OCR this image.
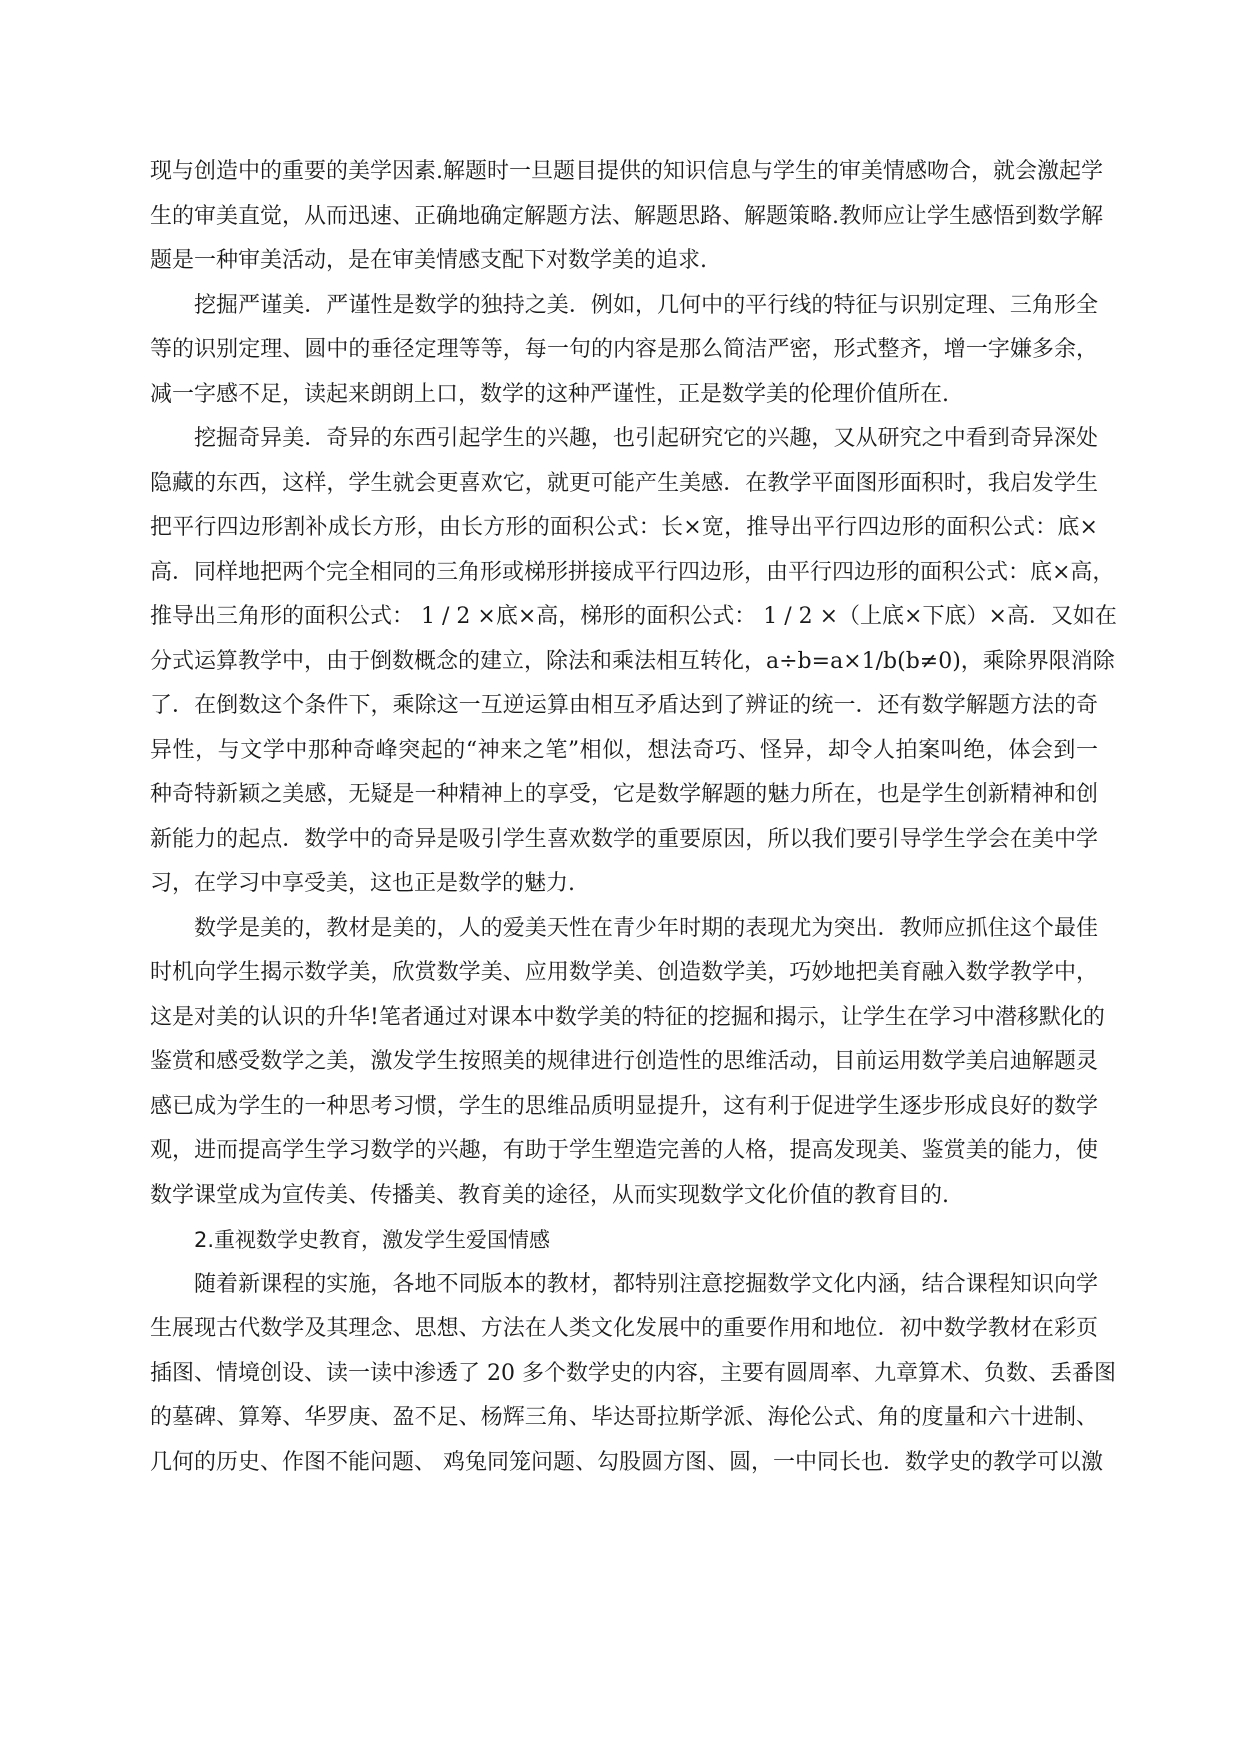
现与创造中的重要的美学因素.解题时一旦题目提供的知识信息与学生的审美情感吻合，就会激起学
生的审美直觉，从而迅速、正确地确定解题方法、解题思路、解题策略.教师应让学生感悟到数学解
题是一种审美活动，是在审美情感支配下对数学美的追求.
挖掘严谨美．严谨性是数学的独持之美．例如，几何中的平行线的特征与识别定理、三角形全
等的识别定理、圆中的垂径定理等等，每一句的内容是那么简洁严密，形式整齐，增一字嫌多余，
减一字感不足，读起来朗朗上口，数学的这种严谨性，正是数学美的伦理价值所在.
挖掘奇异美．奇异的东西引起学生的兴趣，也引起研究它的兴趣，又从研究之中看到奇异深处
隐藏的东西，这样，学生就会更喜欢它，就更可能产生美感．在教学平面图形面积时，我启发学生
把平行四边形割补成长方形，由长方形的面积公式：长×宽，推导出平行四边形的面积公式：底×
高．同样地把两个完全相同的三角形或梯形拼接成平行四边形，由平行四边形的面积公式：底×高，
推导出三角形的面积公式： 1 / 2 ×底×高，梯形的面积公式： 1 / 2 ×（上底×下底）×高．又如在
分式运算教学中，由于倒数概念的建立，除法和乘法相互转化，a÷b=a×1/b(b≠0)，乘除界限消除
了．在倒数这个条件下，乘除这一互逆运算由相互矛盾达到了辨证的统一．还有数学解题方法的奇
异性，与文学中那种奇峰突起的“神来之笔”相似，想法奇巧、怪异，却令人拍案叫绝，体会到一
种奇特新颖之美感，无疑是一种精神上的享受，它是数学解题的魅力所在，也是学生创新精神和创
新能力的起点．数学中的奇异是吸引学生喜欢数学的重要原因，所以我们要引导学生学会在美中学
习，在学习中享受美，这也正是数学的魅力.
数学是美的，教材是美的，人的爱美天性在青少年时期的表现尤为突出．教师应抓住这个最佳
时机向学生揭示数学美，欣赏数学美、应用数学美、创造数学美，巧妙地把美育融入数学教学中，
这是对美的认识的升华!笔者通过对课本中数学美的特征的挖掘和揭示，让学生在学习中潜移默化的
鉴赏和感受数学之美，激发学生按照美的规律进行创造性的思维活动，目前运用数学美启迪解题灵
感已成为学生的一种思考习惯，学生的思维品质明显提升，这有利于促进学生逐步形成良好的数学
观，进而提高学生学习数学的兴趣，有助于学生塑造完善的人格，提高发现美、鉴赏美的能力，使
数学课堂成为宣传美、传播美、教育美的途径，从而实现数学文化价值的教育目的.
2.重视数学史教育，激发学生爱国情感
随着新课程的实施，各地不同版本的教材，都特别注意挖掘数学文化内涵，结合课程知识向学
生展现古代数学及其理念、思想、方法在人类文化发展中的重要作用和地位．初中数学教材在彩页
插图、情境创设、读一读中渗透了 20 多个数学史的内容，主要有圆周率、九章算术、负数、丢番图
的墓碑、算筹、华罗庚、盈不足、杨辉三角、毕达哥拉斯学派、海伦公式、角的度量和六十进制、
几何的历史、作图不能问题、 鸡兔同笼问题、勾股圆方图、圆，一中同长也．数学史的教学可以激
